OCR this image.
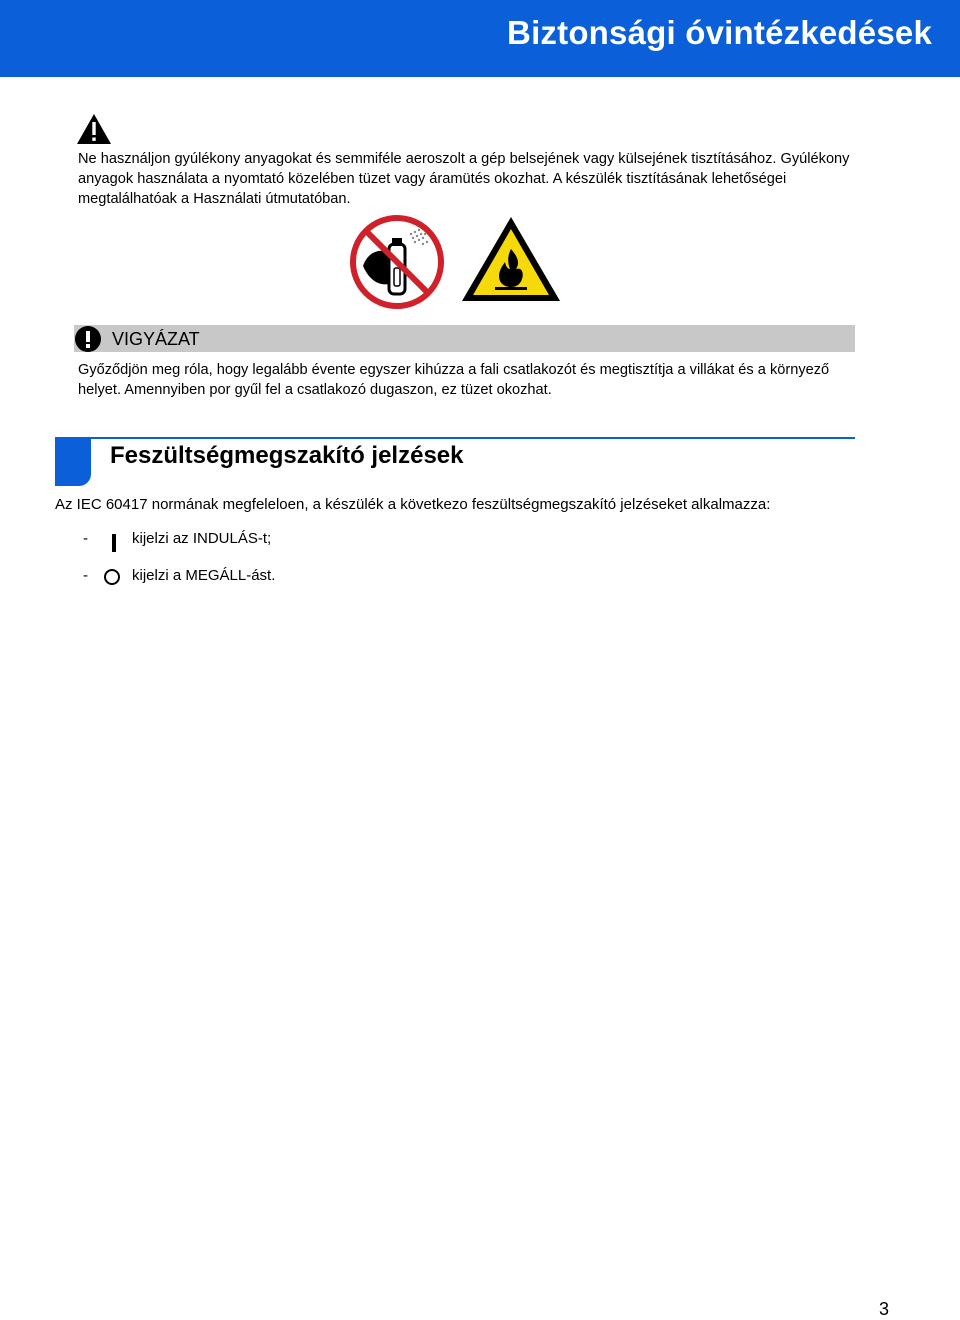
Biztonsági óvintézkedések
Ne használjon gyúlékony anyagokat és semmiféle aeroszolt a gép belsejének vagy külsejének tisztításához. Gyúlékony anyagok használata a nyomtató közelében tüzet vagy áramütés okozhat. A készülék tisztításának lehetőségei megtalálhatóak a Használati útmutatóban.
VIGYÁZAT
Győződjön meg róla, hogy legalább évente egyszer kihúzza a fali csatlakozót és megtisztítja a villákat és a környező helyet. Amennyiben por gyűl fel a csatlakozó dugaszon, ez tüzet okozhat.
Feszültségmegszakító jelzések
Az IEC 60417 normának megfeleloen, a készülék a következo feszültségmegszakító jelzéseket alkalmazza:
-	kijelzi az INDULÁS-t;
-	kijelzi a MEGÁLL-ást.
3
